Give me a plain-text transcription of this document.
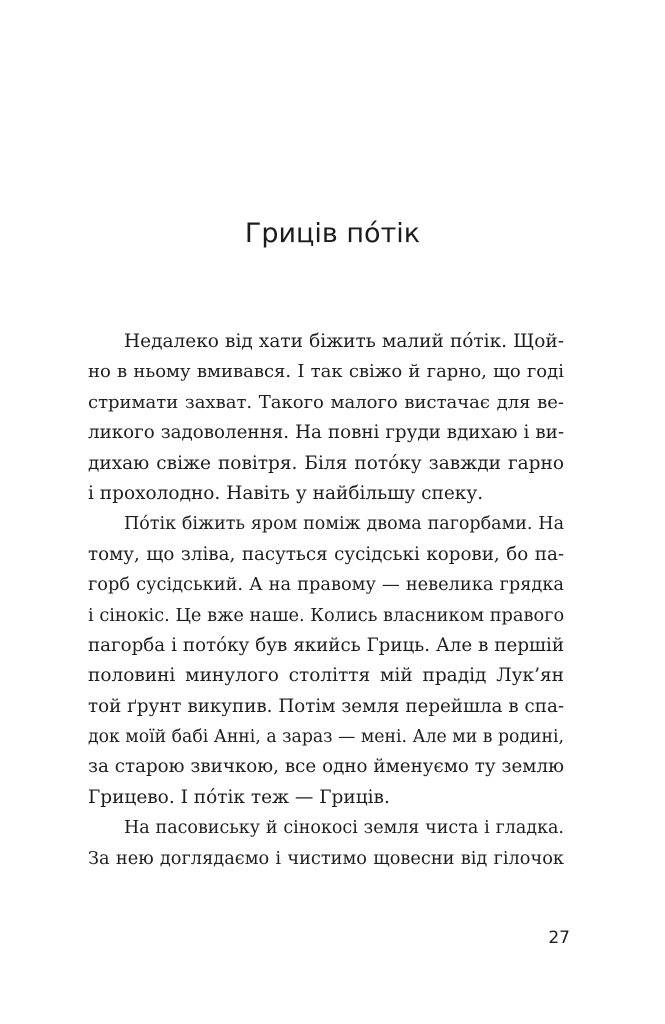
Гриців по́тік
Недалеко від хати біжить малий по́тік. Щой-
но в ньому вмивався. І так свіжо й гарно, що годі
стримати захват. Такого малого вистачає для ве-
ликого задоволення. На повні груди вдихаю і ви-
дихаю свіже повітря. Біля пото́ку завжди гарно
і прохолодно. Навіть у найбільшу спеку.
По́тік біжить яром поміж двома пагорбами. На
тому, що зліва, пасуться сусідські корови, бо па-
горб сусідський. А на правому — невелика грядка
і сінокіс. Це вже наше. Колись власником правого
пагорба і пото́ку був якийсь Гриць. Але в першій
половині минулого століття мій прадід Лук’ян
той ґрунт викупив. Потім земля перейшла в спа-
док моїй бабі Анні, а зараз — мені. Але ми в родині,
за старою звичкою, все одно йменуємо ту землю
Грицево. І по́тік теж — Гриців.
На пасовиську й сінокосі земля чиста і гладка.
За нею доглядаємо і чистимо щовесни від гілочок
27
